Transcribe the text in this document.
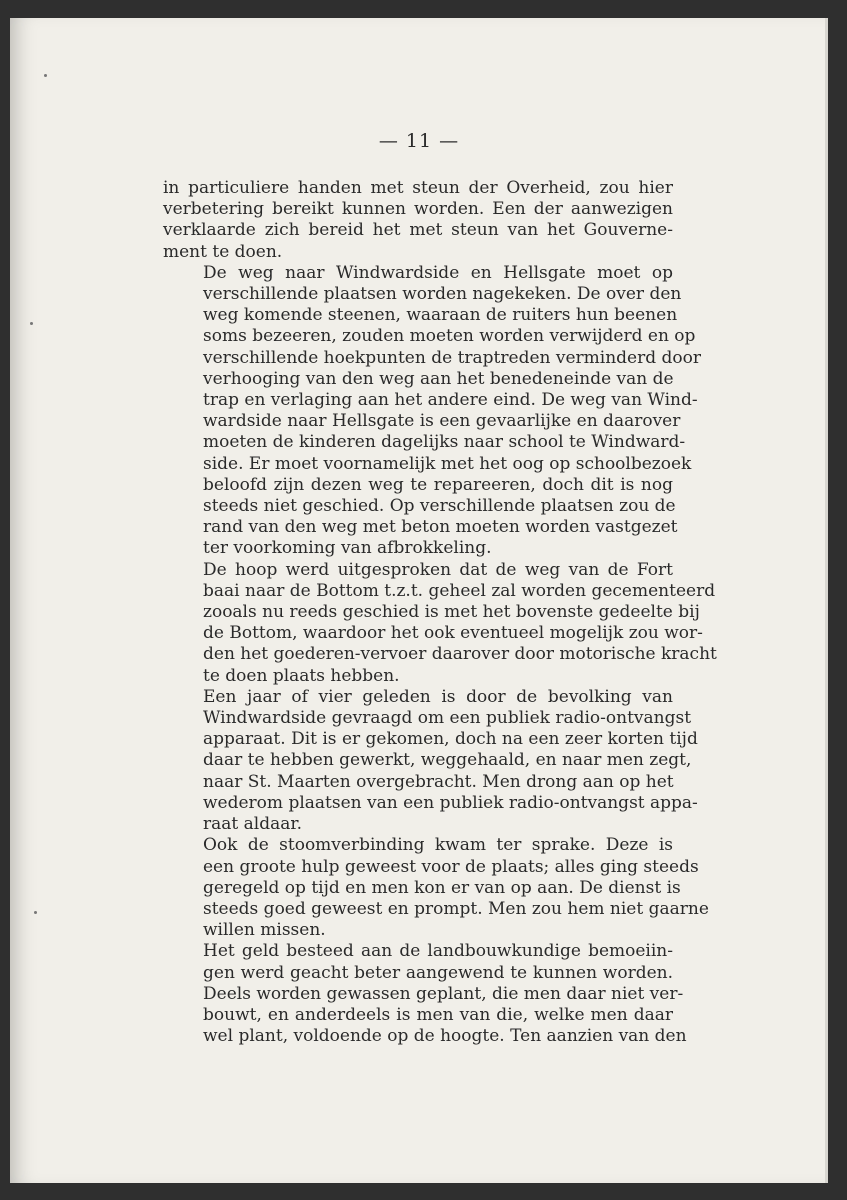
— 11 —

in particuliere handen met steun der Overheid, zou hier
verbetering bereikt kunnen worden. Een der aanwezigen
verklaarde zich bereid het met steun van het Gouverne-
ment te doen.

De weg naar Windwardside en Hellsgate moet op
verschillende plaatsen worden nagekeken. De over den
weg komende steenen, waaraan de ruiters hun beenen
soms bezeeren, zouden moeten worden verwijderd en op
verschillende hoekpunten de traptreden verminderd door
verhooging van den weg aan het benedeneinde van de
trap en verlaging aan het andere eind. De weg van Wind-
wardside naar Hellsgate is een gevaarlijke en daarover
moeten de kinderen dagelijks naar school te Windward-
side. Er moet voornamelijk met het oog op schoolbezoek
beloofd zijn dezen weg te repareeren, doch dit is nog
steeds niet geschied. Op verschillende plaatsen zou de
rand van den weg met beton moeten worden vastgezet
ter voorkoming van afbrokkeling.

De hoop werd uitgesproken dat de weg van de Fort
baai naar de Bottom t.z.t. geheel zal worden gecementeerd
zooals nu reeds geschied is met het bovenste gedeelte bij
de Bottom, waardoor het ook eventueel mogelijk zou wor-
den het goederen-vervoer daarover door motorische kracht
te doen plaats hebben.

Een jaar of vier geleden is door de bevolking van
Windwardside gevraagd om een publiek radio-ontvangst
apparaat. Dit is er gekomen, doch na een zeer korten tijd
daar te hebben gewerkt, weggehaald, en naar men zegt,
naar St. Maarten overgebracht. Men drong aan op het
wederom plaatsen van een publiek radio-ontvangst appa-
raat aldaar.

Ook de stoomverbinding kwam ter sprake. Deze is
een groote hulp geweest voor de plaats; alles ging steeds
geregeld op tijd en men kon er van op aan. De dienst is
steeds goed geweest en prompt. Men zou hem niet gaarne
willen missen.

Het geld besteed aan de landbouwkundige bemoeiin-
gen werd geacht beter aangewend te kunnen worden.
Deels worden gewassen geplant, die men daar niet ver-
bouwt, en anderdeels is men van die, welke men daar
wel plant, voldoende op de hoogte. Ten aanzien van den
